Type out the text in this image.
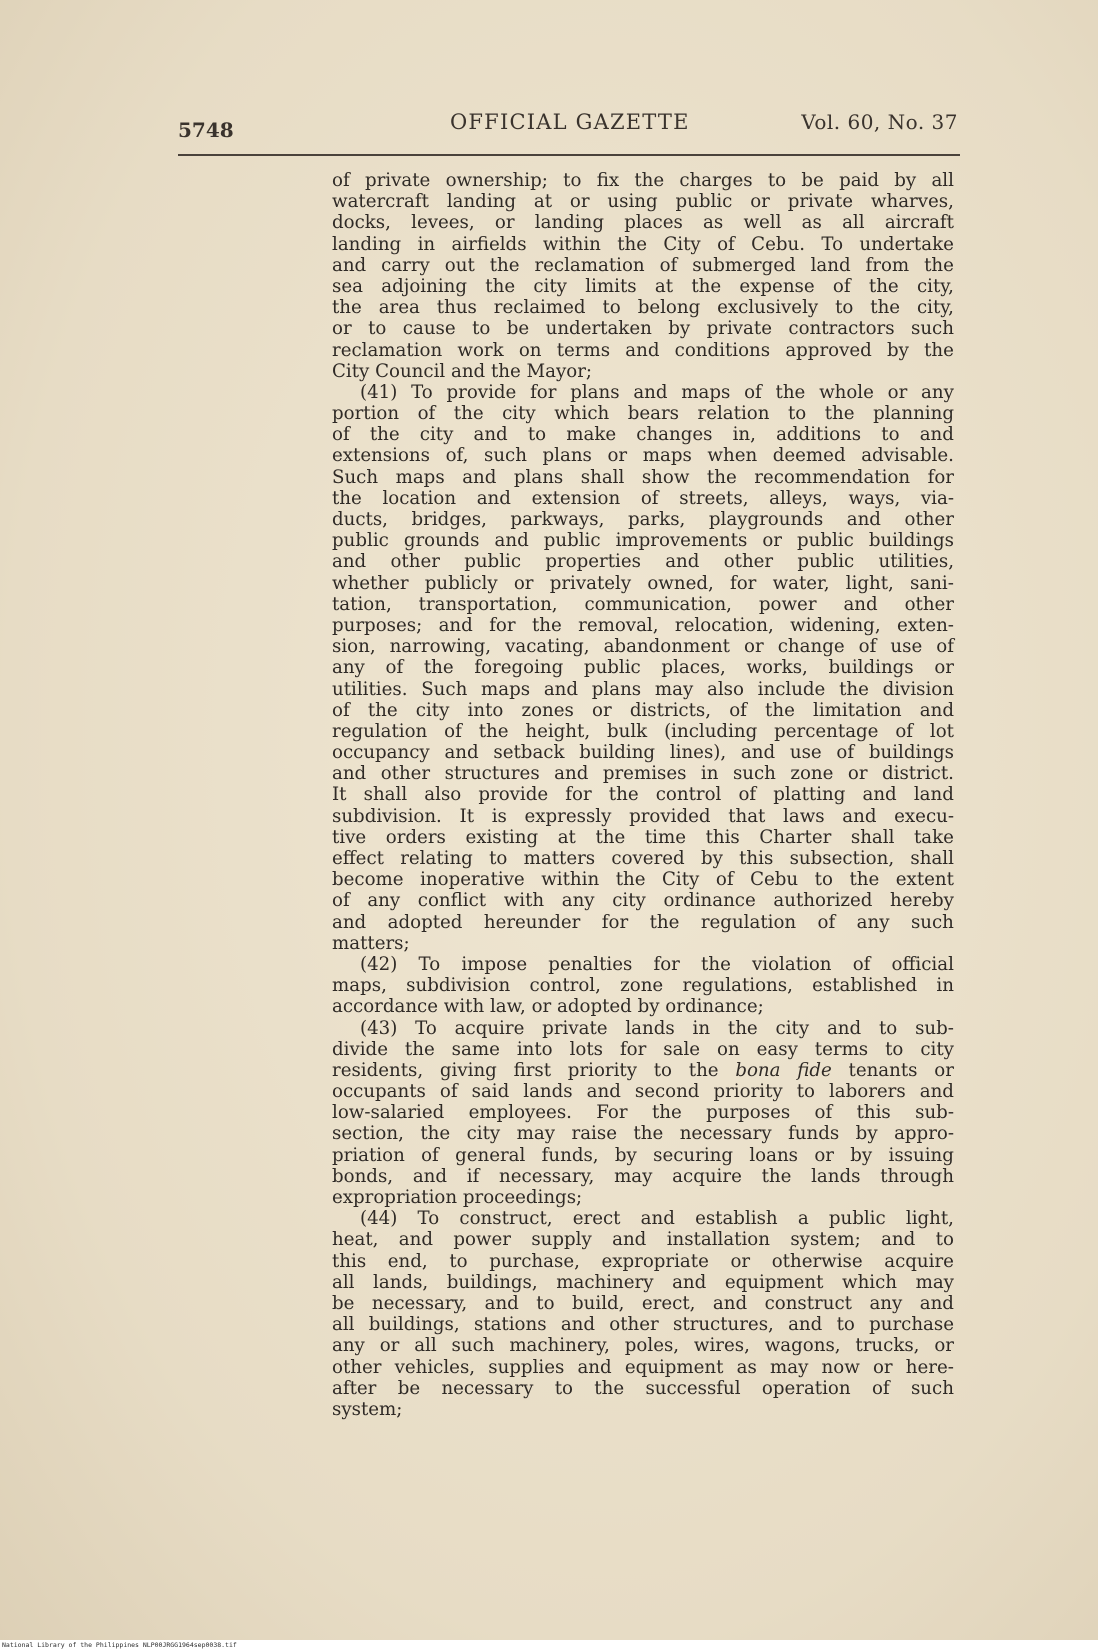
5748	OFFICIAL GAZETTE	Vol. 60, No. 37
of private ownership; to fix the charges to be paid by all
watercraft landing at or using public or private wharves,
docks, levees, or landing places as well as all aircraft
landing in airfields within the City of Cebu. To undertake
and carry out the reclamation of submerged land from the
sea adjoining the city limits at the expense of the city,
the area thus reclaimed to belong exclusively to the city,
or to cause to be undertaken by private contractors such
reclamation work on terms and conditions approved by the
City Council and the Mayor;
(41) To provide for plans and maps of the whole or any
portion of the city which bears relation to the planning
of the city and to make changes in, additions to and
extensions of, such plans or maps when deemed advisable.
Such maps and plans shall show the recommendation for
the location and extension of streets, alleys, ways, via-
ducts, bridges, parkways, parks, playgrounds and other
public grounds and public improvements or public buildings
and other public properties and other public utilities,
whether publicly or privately owned, for water, light, sani-
tation, transportation, communication, power and other
purposes; and for the removal, relocation, widening, exten-
sion, narrowing, vacating, abandonment or change of use of
any of the foregoing public places, works, buildings or
utilities. Such maps and plans may also include the division
of the city into zones or districts, of the limitation and
regulation of the height, bulk (including percentage of lot
occupancy and setback building lines), and use of buildings
and other structures and premises in such zone or district.
It shall also provide for the control of platting and land
subdivision. It is expressly provided that laws and execu-
tive orders existing at the time this Charter shall take
effect relating to matters covered by this subsection, shall
become inoperative within the City of Cebu to the extent
of any conflict with any city ordinance authorized hereby
and adopted hereunder for the regulation of any such
matters;
(42) To impose penalties for the violation of official
maps, subdivision control, zone regulations, established in
accordance with law, or adopted by ordinance;
(43) To acquire private lands in the city and to sub-
divide the same into lots for sale on easy terms to city
residents, giving first priority to the bona fide tenants or
occupants of said lands and second priority to laborers and
low-salaried employees. For the purposes of this sub-
section, the city may raise the necessary funds by appro-
priation of general funds, by securing loans or by issuing
bonds, and if necessary, may acquire the lands through
expropriation proceedings;
(44) To construct, erect and establish a public light,
heat, and power supply and installation system; and to
this end, to purchase, expropriate or otherwise acquire
all lands, buildings, machinery and equipment which may
be necessary, and to build, erect, and construct any and
all buildings, stations and other structures, and to purchase
any or all such machinery, poles, wires, wagons, trucks, or
other vehicles, supplies and equipment as may now or here-
after be necessary to the successful operation of such
system;
National Library of the Philippines NLP00JRGG1964sep0038.tif
